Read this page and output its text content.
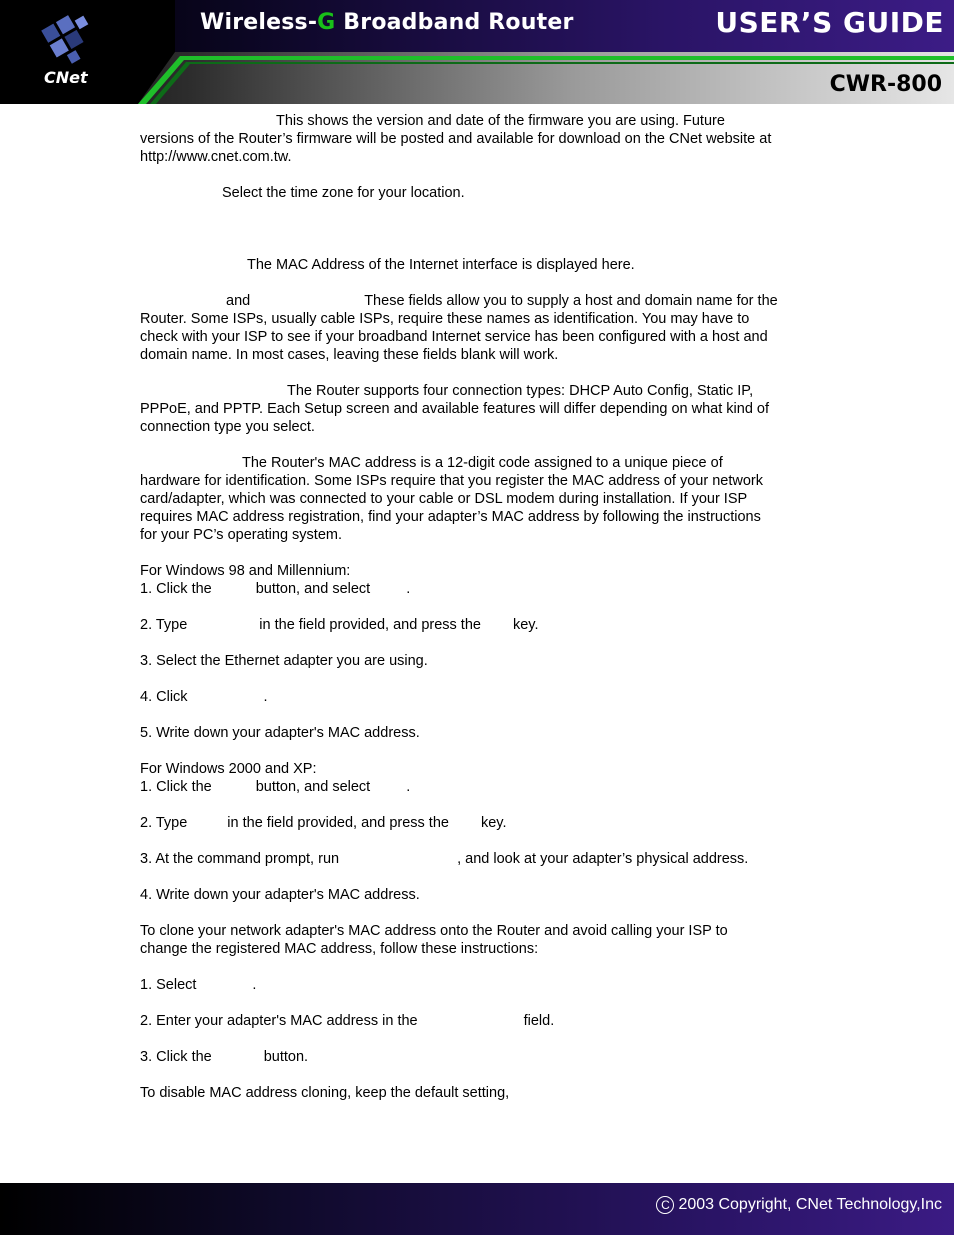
CNet
Wireless-G Broadband Router	USER’S GUIDE
CWR-800
This shows the version and date of the firmware you are using. Future
versions of the Router’s firmware will be posted and available for download on the CNet website at
http://www.cnet.com.tw.
Select the time zone for your location.
The MAC Address of the Internet interface is displayed here.
and	These fields allow you to supply a host and domain name for the
Router. Some ISPs, usually cable ISPs, require these names as identification. You may have to
check with your ISP to see if your broadband Internet service has been configured with a host and
domain name. In most cases, leaving these fields blank will work.
The Router supports four connection types: DHCP Auto Config, Static IP,
PPPoE, and PPTP. Each Setup screen and available features will differ depending on what kind of
connection type you select.
The Router's MAC address is a 12-digit code assigned to a unique piece of
hardware for identification. Some ISPs require that you register the MAC address of your network
card/adapter, which was connected to your cable or DSL modem during installation. If your ISP
requires MAC address registration, find your adapter’s MAC address by following the instructions
for your PC’s operating system.
For Windows 98 and Millennium:
1. Click the	button, and select .
2. Type	in the field provided, and press the key.
3. Select the Ethernet adapter you are using.
4. Click	.
5. Write down your adapter's MAC address.
For Windows 2000 and XP:
1. Click the	button, and select .
2. Type	in the field provided, and press the key.
3. At the command prompt, run	, and look at your adapter’s physical address.
4. Write down your adapter's MAC address.
To clone your network adapter's MAC address onto the Router and avoid calling your ISP to
change the registered MAC address, follow these instructions:
1. Select	.
2. Enter your adapter's MAC address in the	field.
3. Click the	button.
To disable MAC address cloning, keep the default setting,
C 2003 Copyright, CNet Technology,Inc
